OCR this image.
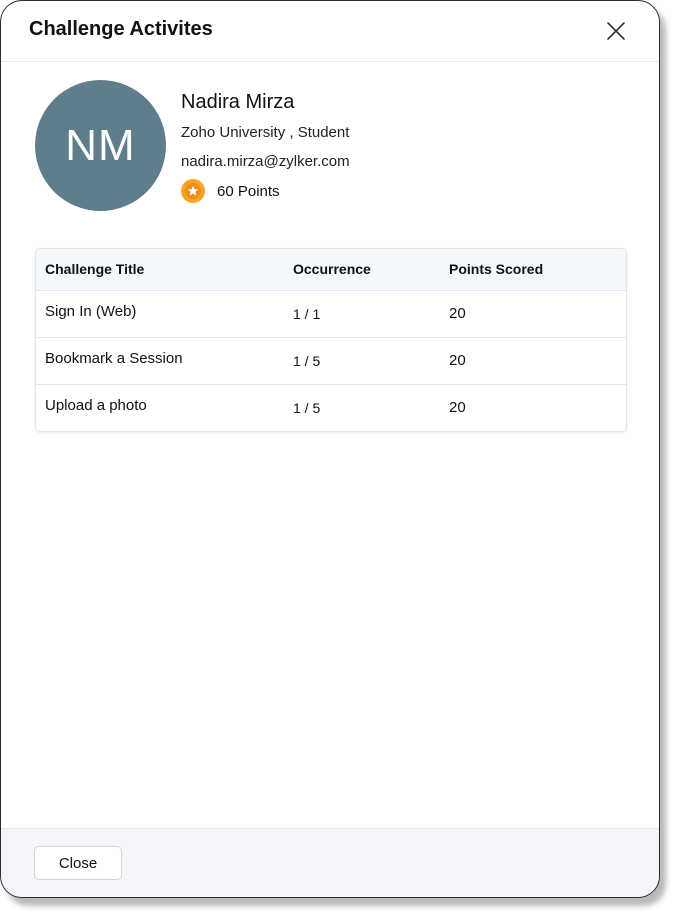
Challenge Activites
NM
Nadira Mirza
Zoho University , Student
nadira.mirza@zylker.com
60 Points
Challenge Title	Occurrence	Points Scored
Sign In (Web)	1 / 1	20
Bookmark a Session	1 / 5	20
Upload a photo	1 / 5	20
Close
